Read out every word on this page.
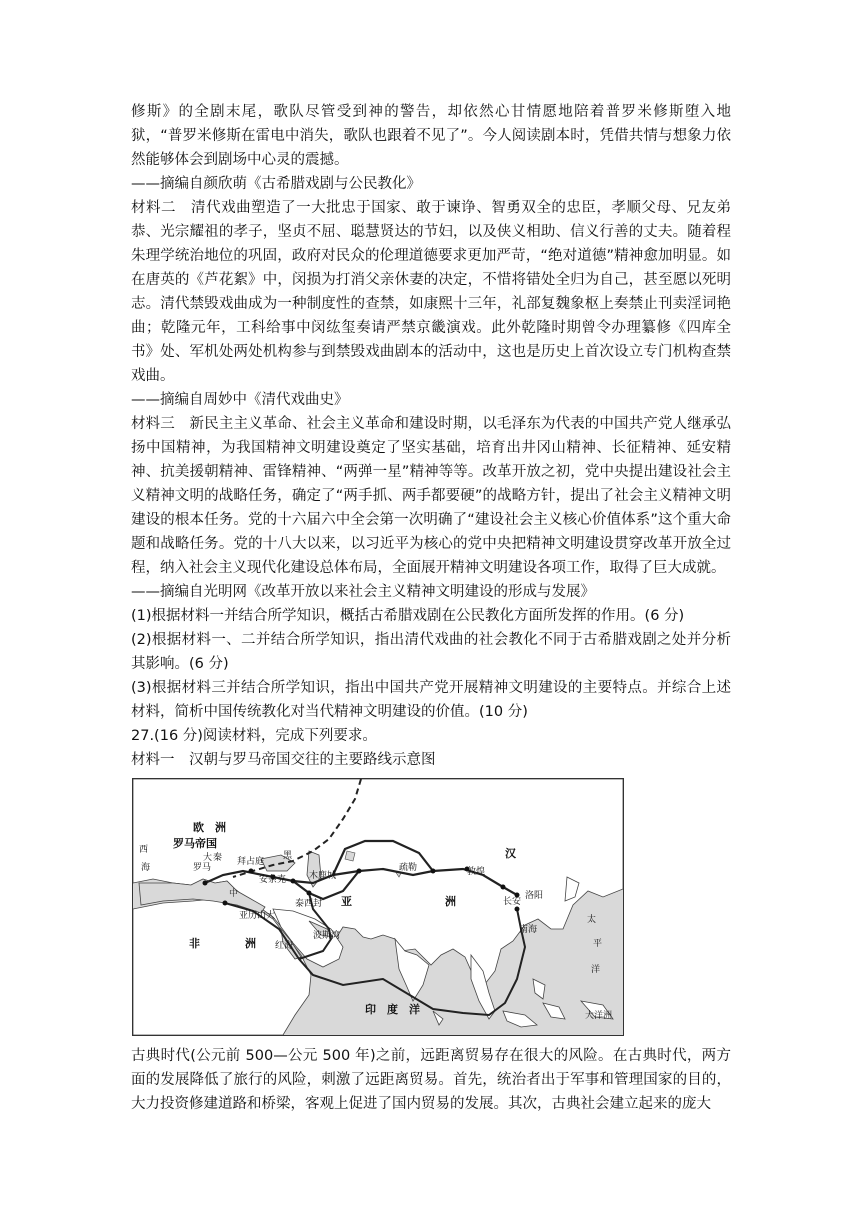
修斯》的全剧末尾，歌队尽管受到神的警告，却依然心甘情愿地陪着普罗米修斯堕入地狱，“普罗米修斯在雷电中消失，歌队也跟着不见了”。今人阅读剧本时，凭借共情与想象力依然能够体会到剧场中心灵的震撼。

——摘编自颜欣萌《古希腊戏剧与公民教化》

材料二　清代戏曲塑造了一大批忠于国家、敢于谏诤、智勇双全的忠臣，孝顺父母、兄友弟恭、光宗耀祖的孝子，坚贞不屈、聪慧贤达的节妇，以及侠义相助、信义行善的丈夫。随着程朱理学统治地位的巩固，政府对民众的伦理道德要求更加严苛，“绝对道德”精神愈加明显。如在唐英的《芦花絮》中，闵损为打消父亲休妻的决定，不惜将错处全归为自己，甚至愿以死明志。清代禁毁戏曲成为一种制度性的查禁，如康熙十三年，礼部复魏象枢上奏禁止刊卖淫词艳曲；乾隆元年，工科给事中闵纮玺奏请严禁京畿演戏。此外乾隆时期曾令办理纂修《四库全书》处、军机处两处机构参与到禁毁戏曲剧本的活动中，这也是历史上首次设立专门机构查禁戏曲。

——摘编自周妙中《清代戏曲史》

材料三　新民主主义革命、社会主义革命和建设时期，以毛泽东为代表的中国共产党人继承弘扬中国精神，为我国精神文明建设奠定了坚实基础，培育出井冈山精神、长征精神、延安精神、抗美援朝精神、雷锋精神、“两弹一星”精神等等。改革开放之初，党中央提出建设社会主义精神文明的战略任务，确定了“两手抓、两手都要硬”的战略方针，提出了社会主义精神文明建设的根本任务。党的十六届六中全会第一次明确了“建设社会主义核心价值体系”这个重大命题和战略任务。党的十八大以来，以习近平为核心的党中央把精神文明建设贯穿改革开放全过程，纳入社会主义现代化建设总体布局，全面展开精神文明建设各项工作，取得了巨大成就。

——摘编自光明网《改革开放以来社会主义精神文明建设的形成与发展》

(1)根据材料一并结合所学知识，概括古希腊戏剧在公民教化方面所发挥的作用。(6 分)

(2)根据材料一、二并结合所学知识，指出清代戏曲的社会教化不同于古希腊戏剧之处并分析其影响。(6 分)

(3)根据材料三并结合所学知识，指出中国共产党开展精神文明建设的主要特点。并综合上述材料，简析中国传统教化对当代精神文明建设的价值。(10 分)

27.(16 分)阅读材料，完成下列要求。

材料一　汉朝与罗马帝国交往的主要路线示意图

欧　洲
罗马帝国
大 秦
罗马
拜占庭
黑
安条克	木鹿城
疏勒	敦煌
汉
长安
洛阳
南海
亚历山大
泰西封 亚	洲
波斯湾
红海
非	洲
印　度　洋
太
平
洋
大洋洲
西
海
中

古典时代(公元前 500—公元 500 年)之前，远距离贸易存在很大的风险。在古典时代，两方面的发展降低了旅行的风险，刺激了远距离贸易。首先，统治者出于军事和管理国家的目的，大力投资修建道路和桥梁，客观上促进了国内贸易的发展。其次，古典社会建立起来的庞大
